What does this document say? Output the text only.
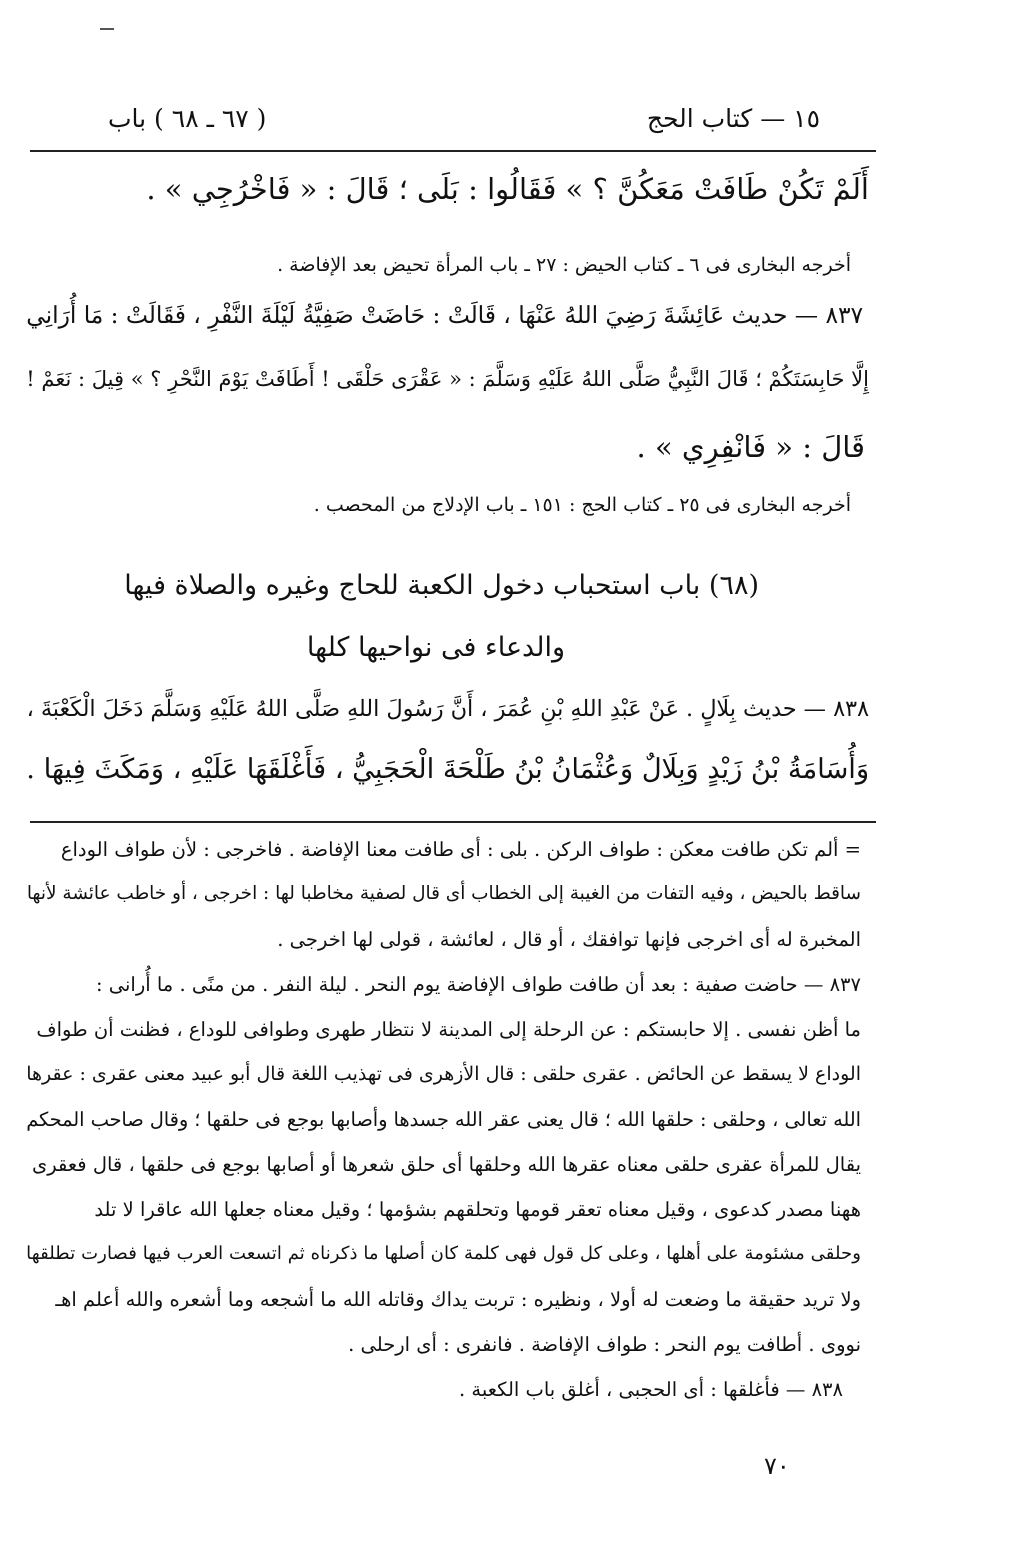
١٥ — كتاب الحج
( ٦٧ ـ ٦٨ ) باب
أَلَمْ تَكُنْ طَافَتْ مَعَكُنَّ ؟ » فَقَالُوا : بَلَى ؛ قَالَ : « فَاخْرُجِي » .
أخرجه البخارى فى ٦ ـ كتاب الحيض : ٢٧ ـ باب المرأة تحيض بعد الإفاضة .
٨٣٧ — حديث عَائِشَةَ رَضِيَ اللهُ عَنْهَا ، قَالَتْ : حَاضَتْ صَفِيَّةُ لَيْلَةَ النَّفْرِ ، فَقَالَتْ : مَا أُرَانِي
إِلَّا حَابِسَتَكُمْ ؛ قَالَ النَّبِيُّ صَلَّى اللهُ عَلَيْهِ وَسَلَّمَ : « عَقْرَى حَلْقَى ! أَطَافَتْ يَوْمَ النَّحْرِ ؟ » قِيلَ : نَعَمْ !
قَالَ : « فَانْفِرِي » .
أخرجه البخارى فى ٢٥ ـ كتاب الحج : ١٥١ ـ باب الإدلاج من المحصب .
(٦٨) باب استحباب دخول الكعبة للحاج وغيره والصلاة فيها
والدعاء فى نواحيها كلها
٨٣٨ — حديث بِلَالٍ . عَنْ عَبْدِ اللهِ بْنِ عُمَرَ ، أَنَّ رَسُولَ اللهِ صَلَّى اللهُ عَلَيْهِ وَسَلَّمَ دَخَلَ الْكَعْبَةَ ،
وَأُسَامَةُ بْنُ زَيْدٍ وَبِلَالٌ وَعُثْمَانُ بْنُ طَلْحَةَ الْحَجَبِيُّ ، فَأَغْلَقَهَا عَلَيْهِ ، وَمَكَثَ فِيهَا .
= ألم تكن طافت معكن : طواف الركن . بلى : أى طافت معنا الإفاضة . فاخرجى : لأن طواف الوداع
ساقط بالحيض ، وفيه التفات من الغيبة إلى الخطاب أى قال لصفية مخاطبا لها : اخرجى ، أو خاطب عائشة لأنها
المخبرة له أى اخرجى فإنها توافقك ، أو قال ، لعائشة ، قولى لها اخرجى .
٨٣٧ — حاضت صفية : بعد أن طافت طواف الإفاضة يوم النحر . ليلة النفر . من منًى . ما أُرانى :
ما أظن نفسى . إلا حابستكم : عن الرحلة إلى المدينة لا نتظار طهرى وطوافى للوداع ، فظنت أن طواف
الوداع لا يسقط عن الحائض . عقرى حلقى : قال الأزهرى فى تهذيب اللغة قال أبو عبيد معنى عقرى : عقرها
الله تعالى ، وحلقى : حلقها الله ؛ قال يعنى عقر الله جسدها وأصابها بوجع فى حلقها ؛ وقال صاحب المحكم
يقال للمرأة عقرى حلقى معناه عقرها الله وحلقها أى حلق شعرها أو أصابها بوجع فى حلقها ، قال فعقرى
ههنا مصدر كدعوى ، وقيل معناه تعقر قومها وتحلقهم بشؤمها ؛ وقيل معناه جعلها الله عاقرا لا تلد
وحلقى مشئومة على أهلها ، وعلى كل قول فهى كلمة كان أصلها ما ذكرناه ثم اتسعت العرب فيها فصارت تطلقها
ولا تريد حقيقة ما وضعت له أولا ، ونظيره : تربت يداك وقاتله الله ما أشجعه وما أشعره والله أعلم اهـ
نووى . أطافت يوم النحر : طواف الإفاضة . فانفرى : أى ارحلى .
٨٣٨ — فأغلقها : أى الحجبى ، أغلق باب الكعبة .
٧٠
